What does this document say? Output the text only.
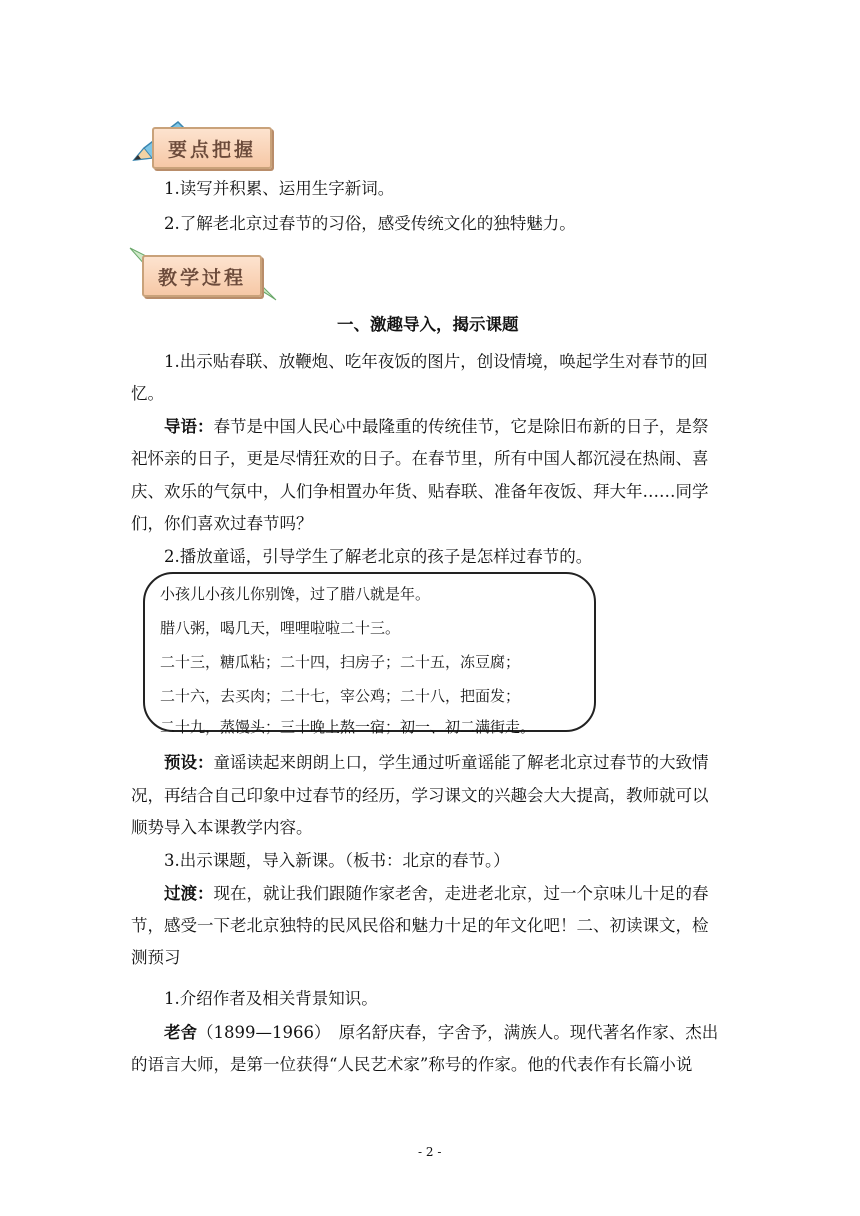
要点把握
1.读写并积累、运用生字新词。
2.了解老北京过春节的习俗，感受传统文化的独特魅力。
教学过程
一、激趣导入，揭示课题
1.出示贴春联、放鞭炮、吃年夜饭的图片，创设情境，唤起学生对春节的回
忆。
导语：春节是中国人民心中最隆重的传统佳节，它是除旧布新的日子，是祭
祀怀亲的日子，更是尽情狂欢的日子。在春节里，所有中国人都沉浸在热闹、喜
庆、欢乐的气氛中，人们争相置办年货、贴春联、准备年夜饭、拜大年……同学
们，你们喜欢过春节吗？
2.播放童谣，引导学生了解老北京的孩子是怎样过春节的。
小孩儿小孩儿你别馋，过了腊八就是年。
腊八粥，喝几天，哩哩啦啦二十三。
二十三，糖瓜粘；二十四，扫房子；二十五，冻豆腐；
二十六，去买肉；二十七，宰公鸡；二十八，把面发；
二十九，蒸馒头；三十晚上熬一宿；初一、初二满街走。
预设：童谣读起来朗朗上口，学生通过听童谣能了解老北京过春节的大致情
况，再结合自己印象中过春节的经历，学习课文的兴趣会大大提高，教师就可以
顺势导入本课教学内容。
3.出示课题，导入新课。（板书：北京的春节。）
过渡：现在，就让我们跟随作家老舍，走进老北京，过一个京味儿十足的春
节，感受一下老北京独特的民风民俗和魅力十足的年文化吧！二、初读课文，检
测预习
1.介绍作者及相关背景知识。
老舍（1899—1966）　原名舒庆春，字舍予，满族人。现代著名作家、杰出
的语言大师，是第一位获得“人民艺术家”称号的作家。他的代表作有长篇小说
- 2 -
